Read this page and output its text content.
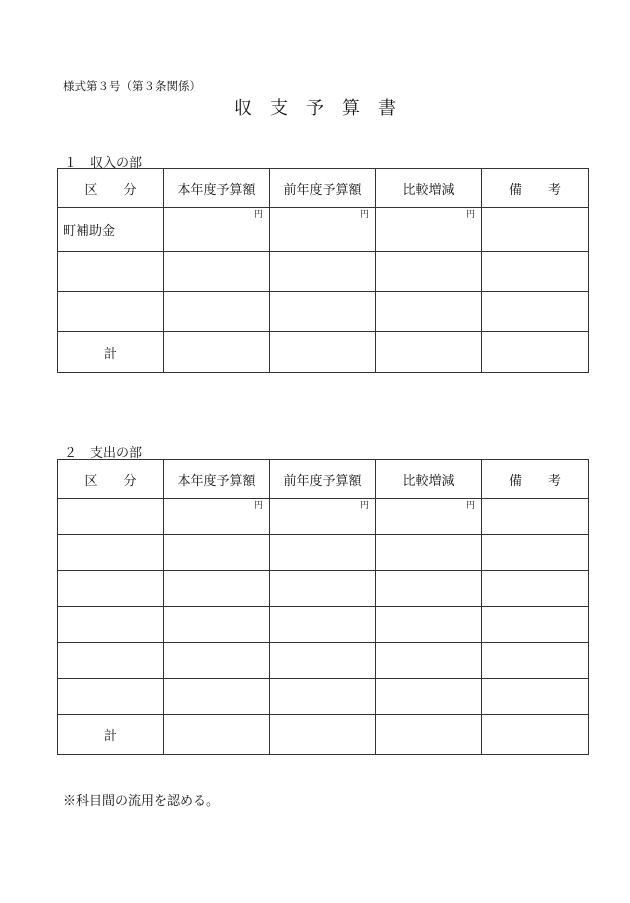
様式第３号（第３条関係）
収　支　予　算　書
１　収入の部
区　　分	本年度予算額	前年度予算額	比較増減	備　　考
町補助金	円	円	円	

計				
２　支出の部
区　　分	本年度予算額	前年度予算額	比較増減	備　　考

	円	円	円	

計				
※科目間の流用を認める。
